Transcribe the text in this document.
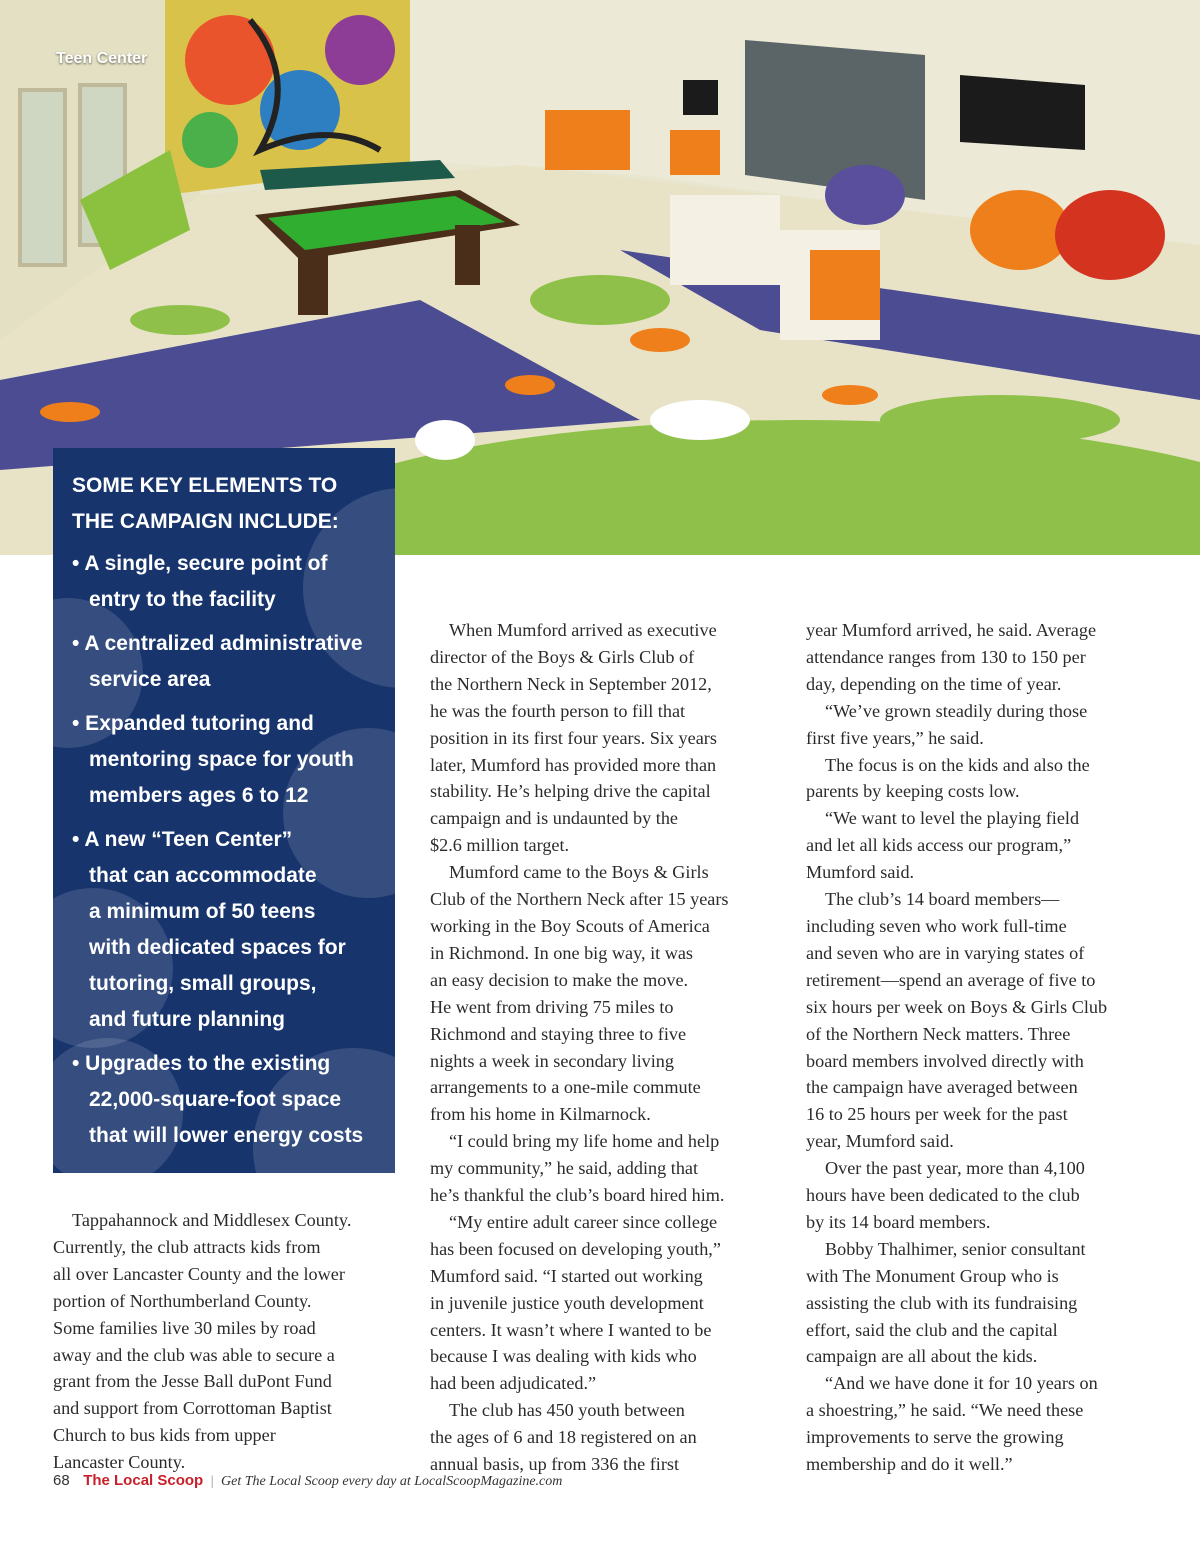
Teen Center
SOME KEY ELEMENTS TO
THE CAMPAIGN INCLUDE:
• A single, secure point of
entry to the facility
• A centralized administrative
service area
• Expanded tutoring and
mentoring space for youth
members ages 6 to 12
• A new “Teen Center”
that can accommodate
a minimum of 50 teens
with dedicated spaces for
tutoring, small groups,
and future planning
• Upgrades to the existing
22,000-square-foot space
that will lower energy costs

Tappahannock and Middlesex County.
Currently, the club attracts kids from
all over Lancaster County and the lower
portion of Northumberland County.
Some families live 30 miles by road
away and the club was able to secure a
grant from the Jesse Ball duPont Fund
and support from Corrottoman Baptist
Church to bus kids from upper
Lancaster County.

When Mumford arrived as executive
director of the Boys & Girls Club of
the Northern Neck in September 2012,
he was the fourth person to fill that
position in its first four years. Six years
later, Mumford has provided more than
stability. He’s helping drive the capital
campaign and is undaunted by the
$2.6 million target.

Mumford came to the Boys & Girls
Club of the Northern Neck after 15 years
working in the Boy Scouts of America
in Richmond. In one big way, it was
an easy decision to make the move.
He went from driving 75 miles to
Richmond and staying three to five
nights a week in secondary living
arrangements to a one-mile commute
from his home in Kilmarnock.

“I could bring my life home and help
my community,” he said, adding that
he’s thankful the club’s board hired him.

“My entire adult career since college
has been focused on developing youth,”
Mumford said. “I started out working
in juvenile justice youth development
centers. It wasn’t where I wanted to be
because I was dealing with kids who
had been adjudicated.”

The club has 450 youth between
the ages of 6 and 18 registered on an
annual basis, up from 336 the first

year Mumford arrived, he said. Average
attendance ranges from 130 to 150 per
day, depending on the time of year.

“We’ve grown steadily during those
first five years,” he said.

The focus is on the kids and also the
parents by keeping costs low.

“We want to level the playing field
and let all kids access our program,”
Mumford said.

The club’s 14 board members—
including seven who work full-time
and seven who are in varying states of
retirement—spend an average of five to
six hours per week on Boys & Girls Club
of the Northern Neck matters. Three
board members involved directly with
the campaign have averaged between
16 to 25 hours per week for the past
year, Mumford said.

Over the past year, more than 4,100
hours have been dedicated to the club
by its 14 board members.

Bobby Thalhimer, senior consultant
with The Monument Group who is
assisting the club with its fundraising
effort, said the club and the capital
campaign are all about the kids.

“And we have done it for 10 years on
a shoestring,” he said. “We need these
improvements to serve the growing
membership and do it well.”

68 The Local Scoop | Get The Local Scoop every day at LocalScoopMagazine.com
